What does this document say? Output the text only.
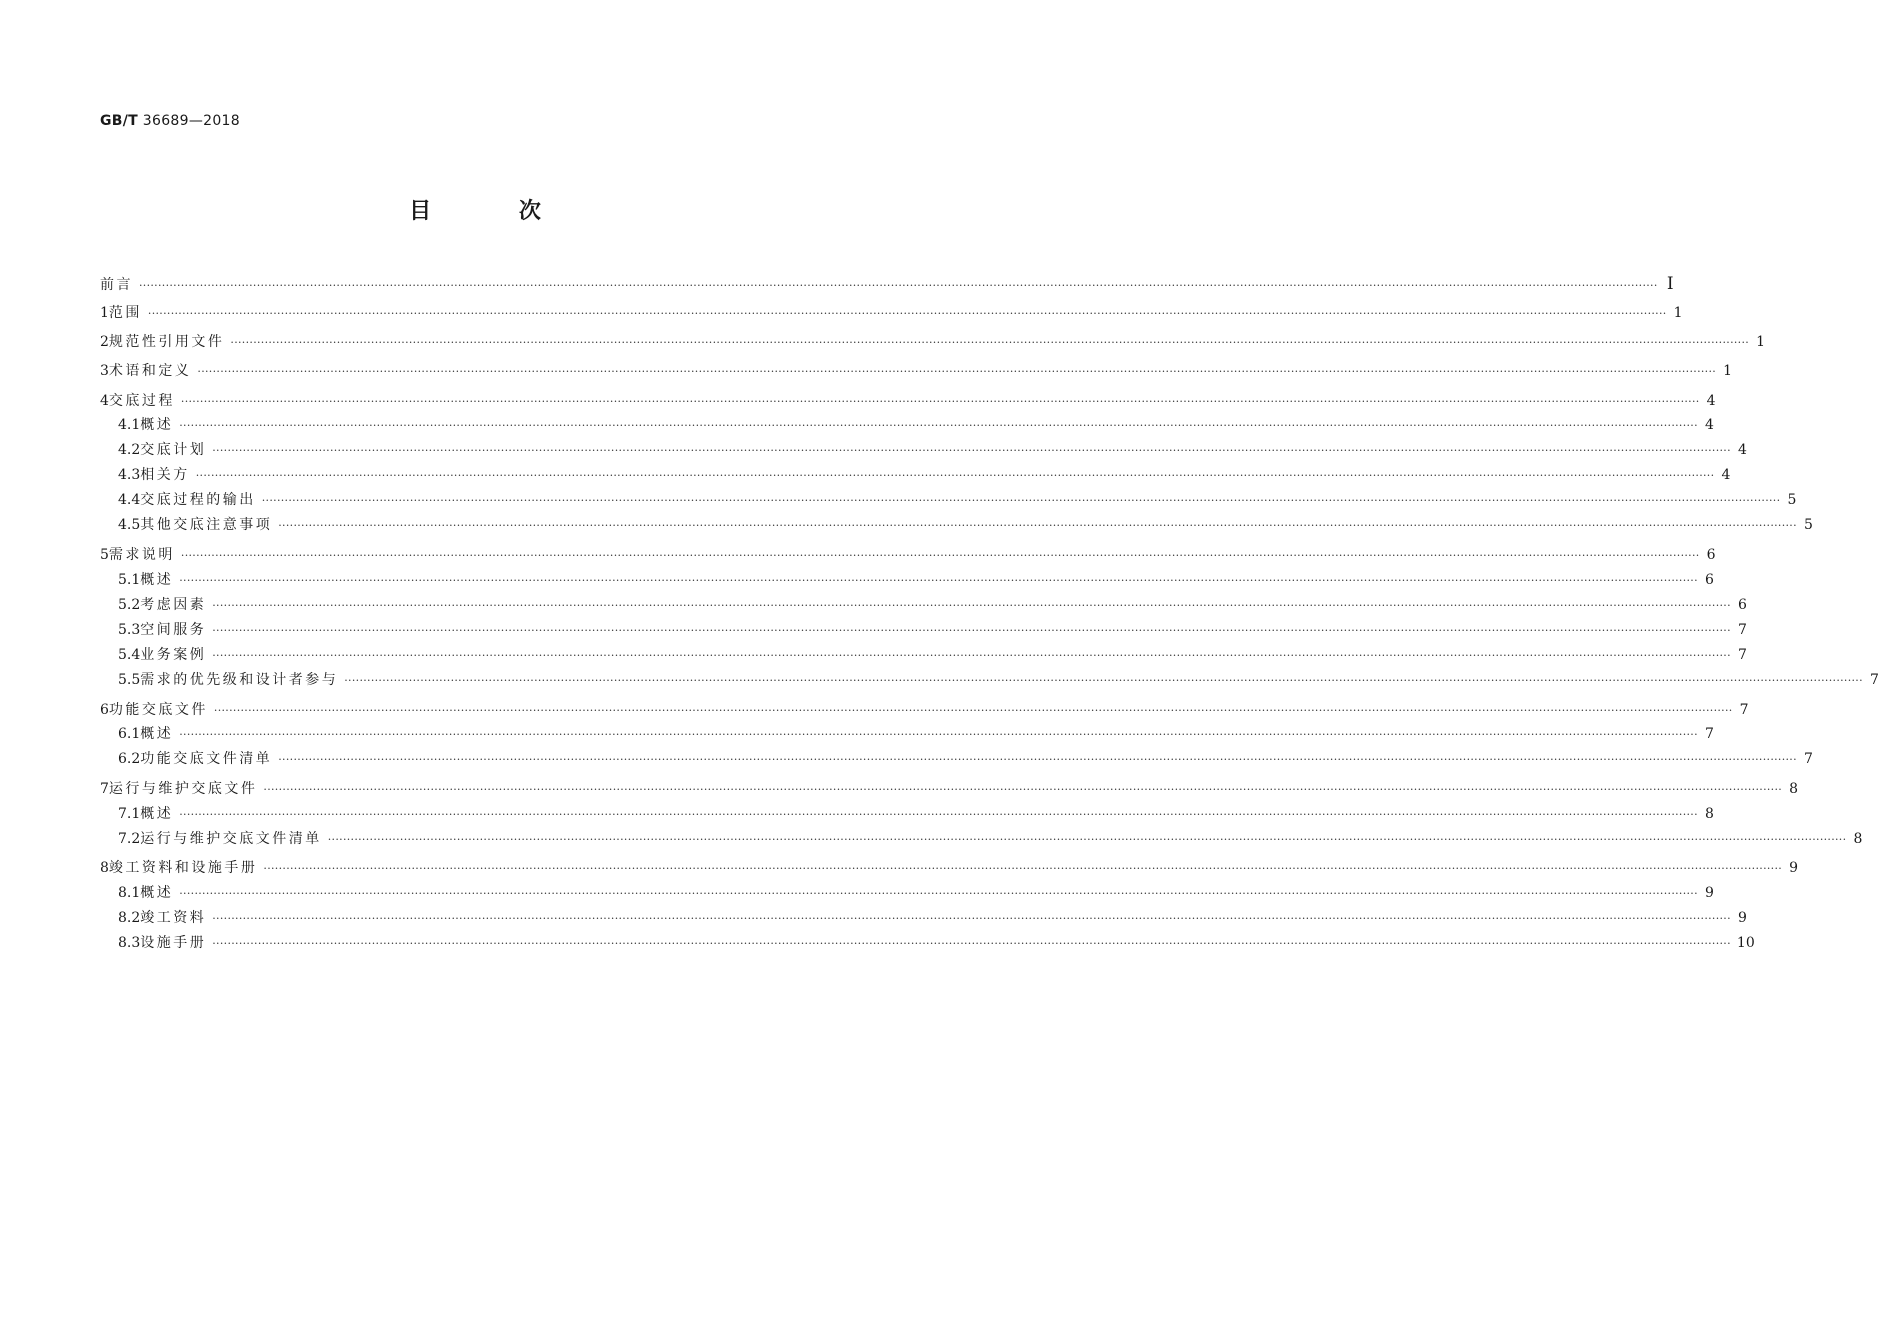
GB/T 36689—2018
目 次
前言 ················································································································································································································································································································································································································ Ⅰ
1 范围 ················································································································································································································································································································································································································ 1
2 规范性引用文件 ················································································································································································································································································································································································································ 1
3 术语和定义 ················································································································································································································································································································································································································ 1
4 交底过程 ················································································································································································································································································································································································································ 4
4.1 概述 ················································································································································································································································································································································································································ 4
4.2 交底计划 ················································································································································································································································································································································································································ 4
4.3 相关方 ················································································································································································································································································································································································································ 4
4.4 交底过程的输出 ················································································································································································································································································································································································································ 5
4.5 其他交底注意事项 ················································································································································································································································································································································································································ 5
5 需求说明 ················································································································································································································································································································································································································ 6
5.1 概述 ················································································································································································································································································································································································································ 6
5.2 考虑因素 ················································································································································································································································································································································································································ 6
5.3 空间服务 ················································································································································································································································································································································································································ 7
5.4 业务案例 ················································································································································································································································································································································································································ 7
5.5 需求的优先级和设计者参与 ················································································································································································································································································································································································································ 7
6 功能交底文件 ················································································································································································································································································································································································································ 7
6.1 概述 ················································································································································································································································································································································································································ 7
6.2 功能交底文件清单 ················································································································································································································································································································································································································ 7
7 运行与维护交底文件 ················································································································································································································································································································································································································ 8
7.1 概述 ················································································································································································································································································································································································································ 8
7.2 运行与维护交底文件清单 ················································································································································································································································································································································································································ 8
8 竣工资料和设施手册 ················································································································································································································································································································································································································ 9
8.1 概述 ················································································································································································································································································································································································································ 9
8.2 竣工资料 ················································································································································································································································································································································································································ 9
8.3 设施手册 ················································································································································································································································································································································································································ 10
